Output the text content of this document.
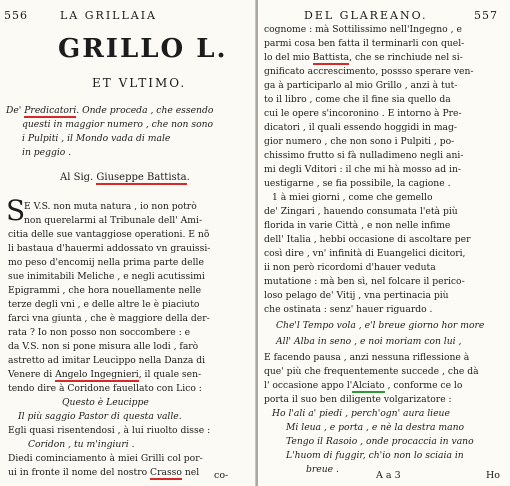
556	LA GRILLAIA
GRILLO L.
ET VLTIMO.
De' Predicatori. Onde proceda , che essendo
questi in maggior numero , che non sono
i Pulpiti , il Mondo vada di male
in peggio .
Al Sig. Giuseppe Battista.
S
E V.S. non muta natura , io non potrò
non querelarmi al Tribunale dell' Ami-
citia delle sue vantaggiose operationi. E nõ
li bastaua d'hauermi addossato vn grauissi-
mo peso d'encomij nella prima parte delle
sue inimitabili Meliche , e negli acutissimi
Epigrammi , che hora nouellamente nelle
terze degli vni , e delle altre le è piaciuto
farci vna giunta , che è maggiore della der-
rata ? Io non posso non soccombere : e
da V.S. non si pone misura alle lodi , farò
astretto ad imitar Leucippo nella Danza di
Venere di Angelo Ingegnieri, il quale sen-
tendo dire à Coridone fauellato con Lico :
Questo è Leucippe
Il più saggio Pastor di questa valle.
Egli quasi risentendosi , à lui riuolto disse :
Coridon , tu m'ingiuri .
Diedi cominciamento à miei Grilli col por-
ui in fronte il nome del nostro Crasso nel co-
DEL GLAREANO.	557
cognome : mà Sottilissimo nell'Ingegno , e
parmi cosa ben fatta il terminarli con quel-
lo del mio Battista, che se rinchiude nel si-
gnificato accrescimento, possso sperare ven-
ga à participarlo al mio Grillo , anzi à tut-
to il libro , come che il fine sia quello da
cui le opere s'incoronino . E intorno à Pre-
dicatori , il quali essendo hoggidi in mag-
gior numero , che non sono i Pulpiti , po-
chissimo frutto si fà nulladimeno negli ani-
mi degli Vditori : il che mi hà mosso ad in-
uestigarne , se fia possibile, la cagione .
1 à miei giorni , come che gemello
de' Zingari , hauendo consumata l'età più
florida in varie Città , e non nelle infime
dell' Italia , hebbi occasione di ascoltare per
così dire , vn' infinità di Euangelici dicitori,
ii non però ricordomi d'hauer veduta
mutatione : mà ben sì, nel folcare il perico-
loso pelago de' Vitij , vna pertinacia più
che ostinata : senz' hauer riguardo .
Che'l Tempo vola , e'l breue giorno hor more
All' Alba in seno , e noi moriam con lui ,
E facendo pausa , anzi nessuna riflessione à
que' più che frequentemente succede , che dà
l' occasione appo l'Alciato , conforme ce lo
porta il suo ben diligente volgarizatore :
Ho l'ali a' piedi , perch'ogn' aura lieue
Mi leua , e porta , e nè la destra mano
Tengo il Rasoio , onde procaccia in vano
L'huom di fuggir, ch'io non lo sciaia in
breue .
A a 3	Ho
